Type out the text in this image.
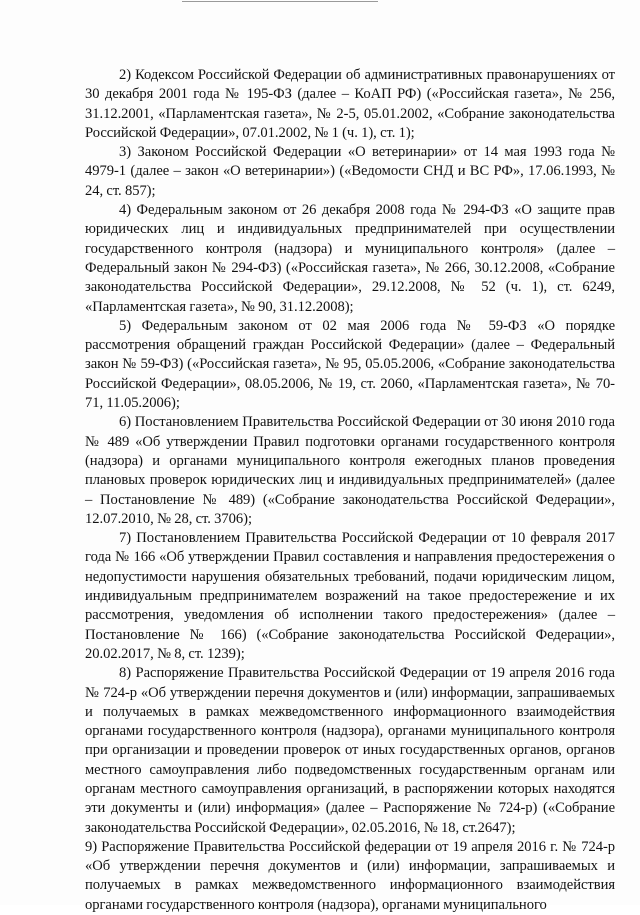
2) Кодексом Российской Федерации об административных правонарушениях от 30 декабря 2001 года № 195-ФЗ (далее – КоАП РФ) («Российская газета», № 256, 31.12.2001, «Парламентская газета», № 2-5, 05.01.2002, «Собрание законодательства Российской Федерации», 07.01.2002, № 1 (ч. 1), ст. 1);

3) Законом Российской Федерации «О ветеринарии» от 14 мая 1993 года № 4979-1 (далее – закон «О ветеринарии») («Ведомости СНД и ВС РФ», 17.06.1993, № 24, ст. 857);

4) Федеральным законом от 26 декабря 2008 года № 294-ФЗ «О защите прав юридических лиц и индивидуальных предпринимателей при осуществлении государственного контроля (надзора) и муниципального контроля» (далее – Федеральный закон № 294-ФЗ) («Российская газета», № 266, 30.12.2008, «Собрание законодательства Российской Федерации», 29.12.2008, № 52 (ч. 1), ст. 6249, «Парламентская газета», № 90, 31.12.2008);

5) Федеральным законом от 02 мая 2006 года № 59-ФЗ «О порядке рассмотрения обращений граждан Российской Федерации» (далее – Федеральный закон № 59-ФЗ) («Российская газета», № 95, 05.05.2006, «Собрание законодательства Российской Федерации», 08.05.2006, № 19, ст. 2060, «Парламентская газета», № 70-71, 11.05.2006);

6) Постановлением Правительства Российской Федерации от 30 июня 2010 года № 489 «Об утверждении Правил подготовки органами государственного контроля (надзора) и органами муниципального контроля ежегодных планов проведения плановых проверок юридических лиц и индивидуальных предпринимателей» (далее – Постановление № 489) («Собрание законодательства Российской Федерации», 12.07.2010, № 28, ст. 3706);

7) Постановлением Правительства Российской Федерации от 10 февраля 2017 года № 166 «Об утверждении Правил составления и направления предостережения о недопустимости нарушения обязательных требований, подачи юридическим лицом, индивидуальным предпринимателем возражений на такое предостережение и их рассмотрения, уведомления об исполнении такого предостережения» (далее – Постановление № 166) («Собрание законодательства Российской Федерации», 20.02.2017, № 8, ст. 1239);

8) Распоряжение Правительства Российской Федерации от 19 апреля 2016 года № 724-р «Об утверждении перечня документов и (или) информации, запрашиваемых и получаемых в рамках межведомственного информационного взаимодействия органами государственного контроля (надзора), органами муниципального контроля при организации и проведении проверок от иных государственных органов, органов местного самоуправления либо подведомственных государственным органам или органам местного самоуправления организаций, в распоряжении которых находятся эти документы и (или) информация» (далее – Распоряжение № 724-р) («Собрание законодательства Российской Федерации», 02.05.2016, № 18, ст.2647);

9) Распоряжение Правительства Российской федерации от 19 апреля 2016 г. № 724-р «Об утверждении перечня документов и (или) информации, запрашиваемых и получаемых в рамках межведомственного информационного взаимодействия органами государственного контроля (надзора), органами муниципального
